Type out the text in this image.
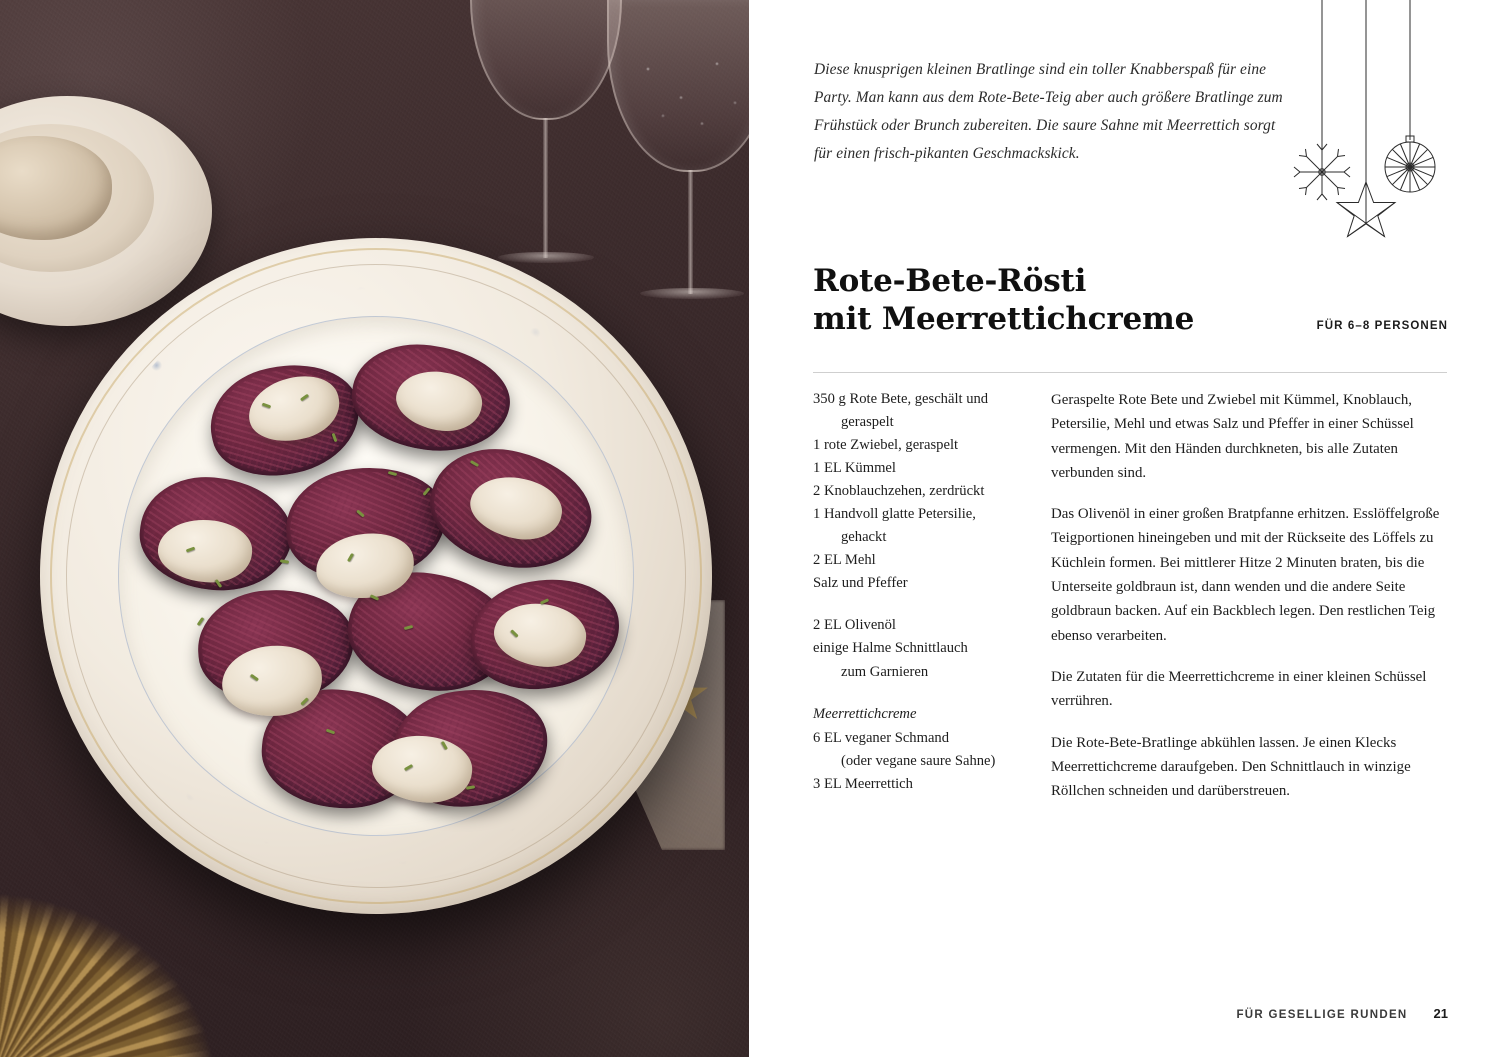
Diese knusprigen kleinen Bratlinge sind ein toller Knabberspaß für eine Party. Man kann aus dem Rote-Bete-Teig aber auch größere Bratlinge zum Frühstück oder Brunch zubereiten. Die saure Sahne mit Meerrettich sorgt für einen frisch-pikanten Geschmackskick.
Rote-Bete-Rösti
mit Meerrettichcreme	FÜR 6–8 PERSONEN
350 g Rote Bete, geschält und
geraspelt
1 rote Zwiebel, geraspelt
1 EL Kümmel
2 Knoblauchzehen, zerdrückt
1 Handvoll glatte Petersilie,
gehackt
2 EL Mehl
Salz und Pfeffer
2 EL Olivenöl
einige Halme Schnittlauch
zum Garnieren
Meerrettichcreme
6 EL veganer Schmand
(oder vegane saure Sahne)
3 EL Meerrettich

Geraspelte Rote Bete und Zwiebel mit Kümmel, Knoblauch, Petersilie, Mehl und etwas Salz und Pfeffer in einer Schüssel vermengen. Mit den Händen durchkneten, bis alle Zutaten verbunden sind.

Das Olivenöl in einer großen Bratpfanne erhitzen. Esslöffelgroße Teigportionen hineingeben und mit der Rückseite des Löffels zu Küchlein formen. Bei mittlerer Hitze 2 Minuten braten, bis die Unterseite goldbraun ist, dann wenden und die andere Seite goldbraun backen. Auf ein Backblech legen. Den restlichen Teig ebenso verarbeiten.

Die Zutaten für die Meerrettichcreme in einer kleinen Schüssel verrühren.

Die Rote-Bete-Bratlinge abkühlen lassen. Je einen Klecks Meerrettichcreme daraufgeben. Den Schnittlauch in winzige Röllchen schneiden und darüberstreuen.

FÜR GESELLIGE RUNDEN 21
